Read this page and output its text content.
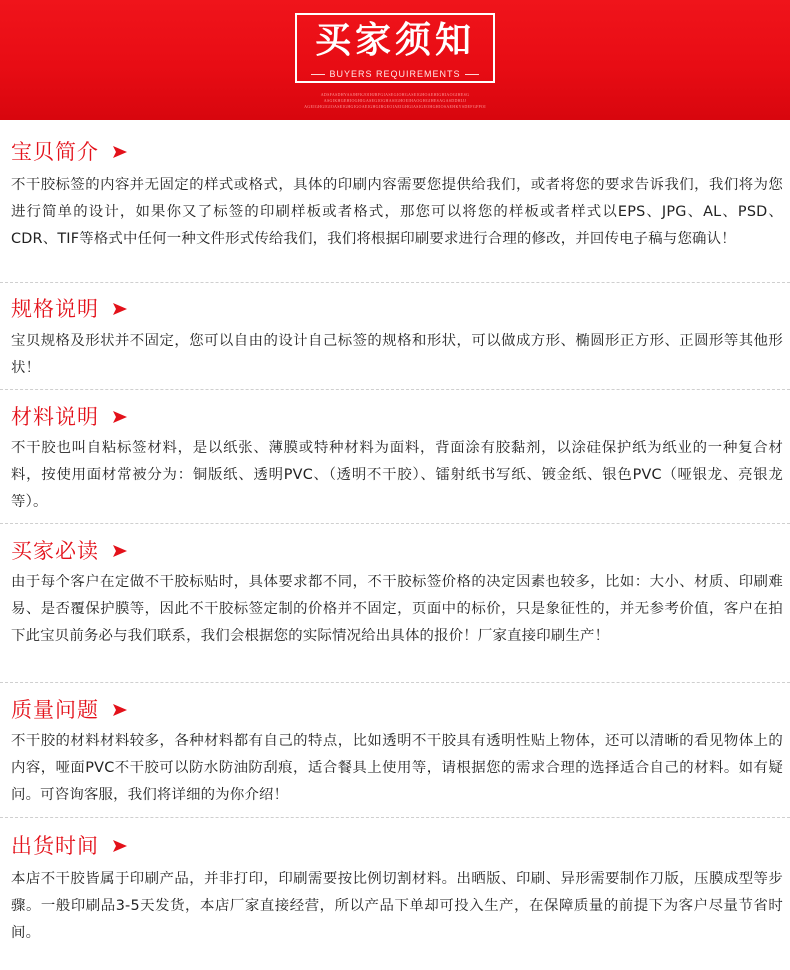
买家须知
BUYERS REQUIREMENTS
ADSFASDHYASJHFKJOIHJRFGIASEGIOHGASEIGHOAEHIGHIAOGIHESG
ASGIKHGEHIOGHIGASEGIOGHASIGHOEIHAOGHGIHESAGASDDHIJJ
AGEIGHGIGIOASEIGHGIGOAEIGHGIBGEOIAEIGHGIASIGEOHGHIOSAEHKYSDEFGFPOI
宝贝简介
不干胶标签的内容并无固定的样式或格式，具体的印刷内容需要您提供给我们，或者将您的要求告诉我们，我们将为您进行简单的设计，如果你又了标签的印刷样板或者格式，那您可以将您的样板或者样式以EPS、JPG、AL、PSD、CDR、TIF等格式中任何一种文件形式传给我们，我们将根据印刷要求进行合理的修改，并回传电子稿与您确认！
规格说明
宝贝规格及形状并不固定，您可以自由的设计自己标签的规格和形状，可以做成方形、椭圆形正方形、正圆形等其他形状！
材料说明
不干胶也叫自粘标签材料，是以纸张、薄膜或特种材料为面料，背面涂有胶黏剂，以涂硅保护纸为纸业的一种复合材料，按使用面材常被分为：铜版纸、透明PVC、（透明不干胶）、镭射纸书写纸、镀金纸、银色PVC（哑银龙、亮银龙等）。
买家必读
由于每个客户在定做不干胶标贴时，具体要求都不同，不干胶标签价格的决定因素也较多，比如：大小、材质、印刷难易、是否覆保护膜等，因此不干胶标签定制的价格并不固定，页面中的标价，只是象征性的，并无参考价值，客户在拍下此宝贝前务必与我们联系，我们会根据您的实际情况给出具体的报价！厂家直接印刷生产！
质量问题
不干胶的材料材料较多，各种材料都有自己的特点，比如透明不干胶具有透明性贴上物体，还可以清晰的看见物体上的内容，哑面PVC不干胶可以防水防油防刮痕，适合餐具上使用等，请根据您的需求合理的选择适合自己的材料。如有疑问。可咨询客服，我们将详细的为你介绍！
出货时间
本店不干胶皆属于印刷产品，并非打印，印刷需要按比例切割材料。出晒版、印刷、异形需要制作刀版，压膜成型等步骤。一般印刷品3-5天发货，本店厂家直接经营，所以产品下单却可投入生产，在保障质量的前提下为客户尽量节省时间。
